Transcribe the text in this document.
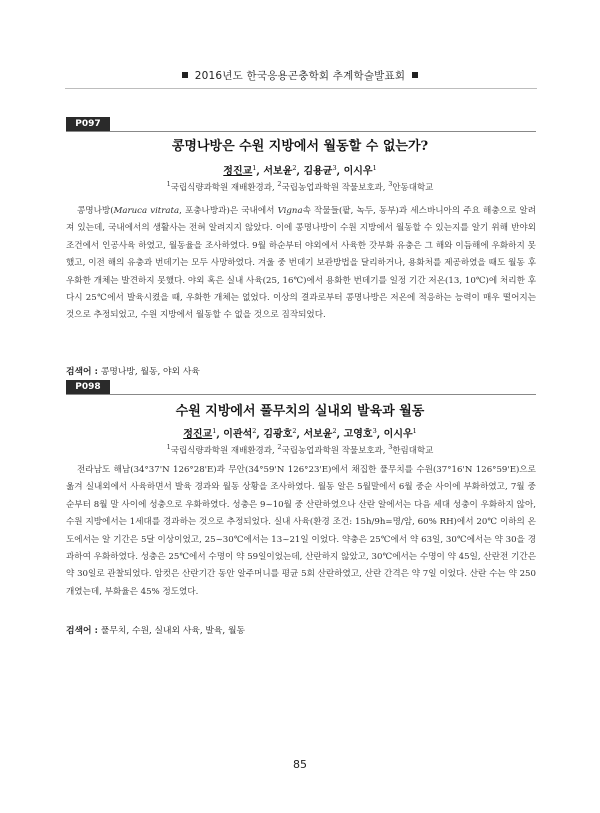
2016년도 한국응용곤충학회 추계학술발표회
P097
콩명나방은 수원 지방에서 월동할 수 없는가?
정진교$^1$, 서보윤$^2$, 김용균$^3$, 이시우$^1$
$^1$국립식량과학원 재배환경과, $^2$국립농업과학원 작물보호과, $^3$안동대학교

콩명나방(Maruca vitrata, 포충나방과)은 국내에서 Vigna속 작물들(팥, 녹두, 동부)과 세스바니아의 주요 해충으로 알려져 있는데, 국내에서의 생활사는 전혀 알려지지 않았다. 이에 콩명나방이 수원 지방에서 월동할 수 있는지를 알기 위해 반야외 조건에서 인공사육 하였고, 월동율을 조사하였다. 9월 하순부터 야외에서 사육한 갓부화 유충은 그 해와 이듬해에 우화하지 못했고, 이전 해의 유충과 번데기는 모두 사망하였다. 겨울 중 번데기 보관방법을 달리하거나, 용화처를 제공하였을 때도 월동 후 우화한 개체는 발견하지 못했다. 야외 혹은 실내 사육(25, 16℃)에서 용화한 번데기를 일정 기간 저온(13, 10℃)에 처리한 후 다시 25℃에서 발육시켰을 때, 우화한 개체는 없었다. 이상의 결과로부터 콩명나방은 저온에 적응하는 능력이 매우 떨어지는 것으로 추정되었고, 수원 지방에서 월동할 수 없을 것으로 짐작되었다.

검색어 : 콩명나방, 월동, 야외 사육
P098
수원 지방에서 풀무치의 실내외 발육과 월동
정진교$^1$, 이관석$^2$, 김광호$^2$, 서보윤$^2$, 고영호$^3$, 이시우$^1$
$^1$국립식량과학원 재배환경과, $^2$국립농업과학원 작물보호과, $^3$한림대학교

전라남도 해남(34°37'N 126°28'E)과 무안(34°59'N 126°23'E)에서 채집한 풀무치를 수원(37°16'N 126°59'E)으로 옮겨 실내외에서 사육하면서 발육 경과와 월동 상황을 조사하였다. 월동 알은 5월말에서 6월 중순 사이에 부화하였고, 7월 중순부터 8월 말 사이에 성충으로 우화하였다. 성충은 9~10월 중 산란하였으나 산란 알에서는 다음 세대 성충이 우화하지 않아, 수원 지방에서는 1세대를 경과하는 것으로 추정되었다. 실내 사육(환경 조건: 15h/9h=명/암, 60% RH)에서 20℃ 이하의 온도에서는 알 기간은 5달 이상이었고, 25~30℃에서는 13~21일 이었다. 약충은 25℃에서 약 63일, 30℃에서는 약 30을 경과하여 우화하였다. 성충은 25℃에서 수명이 약 59일이었는데, 산란하지 않았고, 30℃에서는 수명이 약 45일, 산란전 기간은 약 30일로 관찰되었다. 암컷은 산란기간 동안 알주머니를 평균 5회 산란하였고, 산란 간격은 약 7일 이었다. 산란 수는 약 250개였는데, 부화율은 45% 정도였다.

검색어 : 풀무치, 수원, 실내외 사육, 발육, 월동
85
